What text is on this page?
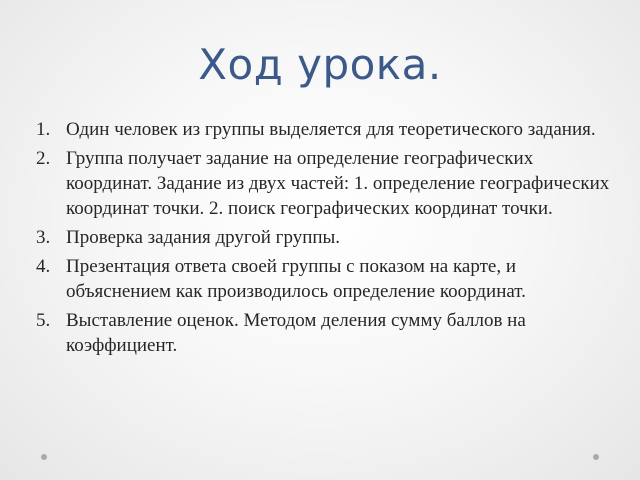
Ход урока.
1. Один человек из группы выделяется для теоретического задания.
2. Группа получает задание на определение географических координат. Задание из двух частей: 1. определение географических координат точки. 2. поиск географических координат точки.
3. Проверка задания другой группы.
4. Презентация ответа своей группы с показом на карте, и объяснением как производилось определение координат.
5. Выставление оценок. Методом деления сумму баллов на коэффициент.
